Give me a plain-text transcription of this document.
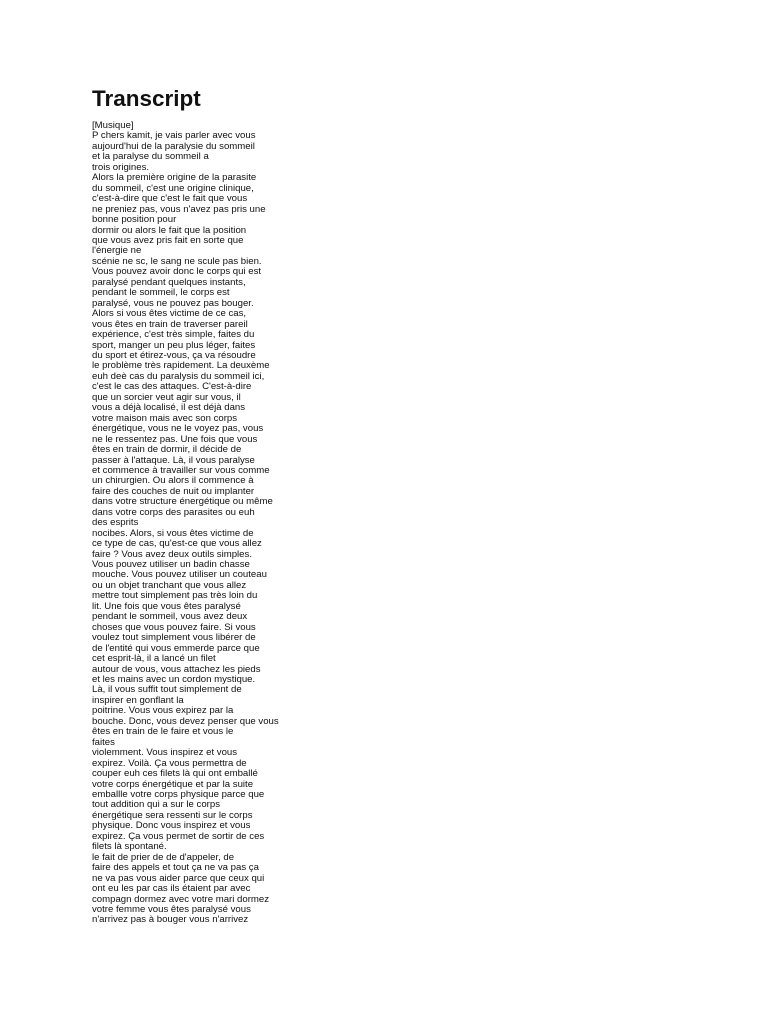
Transcript
[Musique]
P chers kamit, je vais parler avec vous
aujourd'hui de la paralysie du sommeil
et la paralyse du sommeil a
trois origines.
Alors la première origine de la parasite
du sommeil, c'est une origine clinique,
c'est-à-dire que c'est le fait que vous
ne preniez pas, vous n'avez pas pris une
bonne position pour
dormir ou alors le fait que la position
que vous avez pris fait en sorte que
l'énergie ne
scénie ne sc, le sang ne scule pas bien.
Vous pouvez avoir donc le corps qui est
paralysé pendant quelques instants,
pendant le sommeil, le corps est
paralysé, vous ne pouvez pas bouger.
Alors si vous êtes victime de ce cas,
vous êtes en train de traverser pareil
expérience, c'est très simple, faites du
sport, manger un peu plus léger, faites
du sport et étirez-vous, ça va résoudre
le problème très rapidement. La deuxème
euh deè cas du paralysis du sommeil ici,
c'est le cas des attaques. C'est-à-dire
que un sorcier veut agir sur vous, il
vous a déjà localisé, il est déjà dans
votre maison mais avec son corps
énergétique, vous ne le voyez pas, vous
ne le ressentez pas. Une fois que vous
êtes en train de dormir, il décide de
passer à l'attaque. Là, il vous paralyse
et commence à travailler sur vous comme
un chirurgien. Ou alors il commence à
faire des couches de nuit ou implanter
dans votre structure énergétique ou même
dans votre corps des parasites ou euh
des esprits
nocibes. Alors, si vous êtes victime de
ce type de cas, qu'est-ce que vous allez
faire ? Vous avez deux outils simples.
Vous pouvez utiliser un badin chasse
mouche. Vous pouvez utiliser un couteau
ou un objet tranchant que vous allez
mettre tout simplement pas très loin du
lit. Une fois que vous êtes paralysé
pendant le sommeil, vous avez deux
choses que vous pouvez faire. Si vous
voulez tout simplement vous libérer de
de l'entité qui vous emmerde parce que
cet esprit-là, il a lancé un filet
autour de vous, vous attachez les pieds
et les mains avec un cordon mystique.
Là, il vous suffit tout simplement de
inspirer en gonflant la
poitrine. Vous vous expirez par la
bouche. Donc, vous devez penser que vous
êtes en train de le faire et vous le
faites
violemment. Vous inspirez et vous
expirez. Voilà. Ça vous permettra de
couper euh ces filets là qui ont emballé
votre corps énergétique et par la suite
emballle votre corps physique parce que
tout addition qui a sur le corps
énergétique sera ressenti sur le corps
physique. Donc vous inspirez et vous
expirez. Ça vous permet de sortir de ces
filets là spontané.
le fait de prier de de d'appeler, de
faire des appels et tout ça ne va pas ça
ne va pas vous aider parce que ceux qui
ont eu les par cas ils étaient par avec
compagn dormez avec votre mari dormez
votre femme vous êtes paralysé vous
n'arrivez pas à bouger vous n'arrivez
